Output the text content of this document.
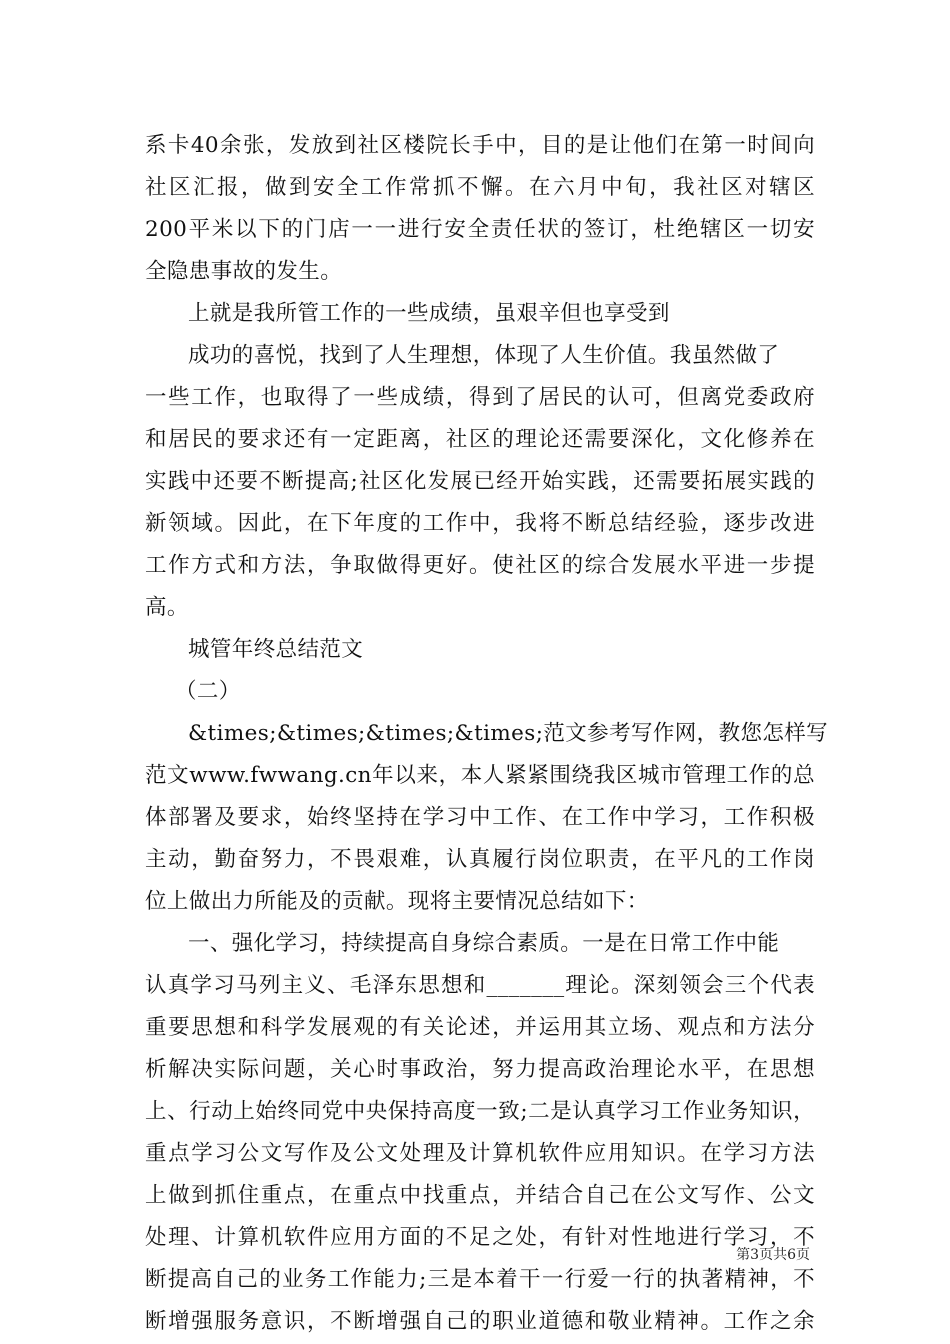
系卡40余张，发放到社区楼院长手中，目的是让他们在第一时间向
社区汇报，做到安全工作常抓不懈。在六月中旬，我社区对辖区
200平米以下的门店一一进行安全责任状的签订，杜绝辖区一切安
全隐患事故的发生。
上就是我所管工作的一些成绩，虽艰辛但也享受到
成功的喜悦，找到了人生理想，体现了人生价值。我虽然做了
一些工作，也取得了一些成绩，得到了居民的认可，但离党委政府
和居民的要求还有一定距离，社区的理论还需要深化，文化修养在
实践中还要不断提高;社区化发展已经开始实践，还需要拓展实践的
新领域。因此，在下年度的工作中，我将不断总结经验，逐步改进
工作方式和方法，争取做得更好。使社区的综合发展水平进一步提
高。
城管年终总结范文
（二）
&times;&times;&times;&times;范文参考写作网，教您怎样写
范文www.fwwang.cn年以来，本人紧紧围绕我区城市管理工作的总
体部署及要求，始终坚持在学习中工作、在工作中学习，工作积极
主动，勤奋努力，不畏艰难，认真履行岗位职责，在平凡的工作岗
位上做出力所能及的贡献。现将主要情况总结如下：
一、强化学习，持续提高自身综合素质。一是在日常工作中能
认真学习马列主义、毛泽东思想和_______理论。深刻领会三个代表
重要思想和科学发展观的有关论述，并运用其立场、观点和方法分
析解决实际问题，关心时事政治，努力提高政治理论水平，在思想
上、行动上始终同党中央保持高度一致;二是认真学习工作业务知识，
重点学习公文写作及公文处理及计算机软件应用知识。在学习方法
上做到抓住重点，在重点中找重点，并结合自己在公文写作、公文
处理、计算机软件应用方面的不足之处，有针对性地进行学习，不
断提高自己的业务工作能力;三是本着干一行爱一行的执著精神，不
断增强服务意识，不断增强自己的职业道德和敬业精神。工作之余
第3页共6页
